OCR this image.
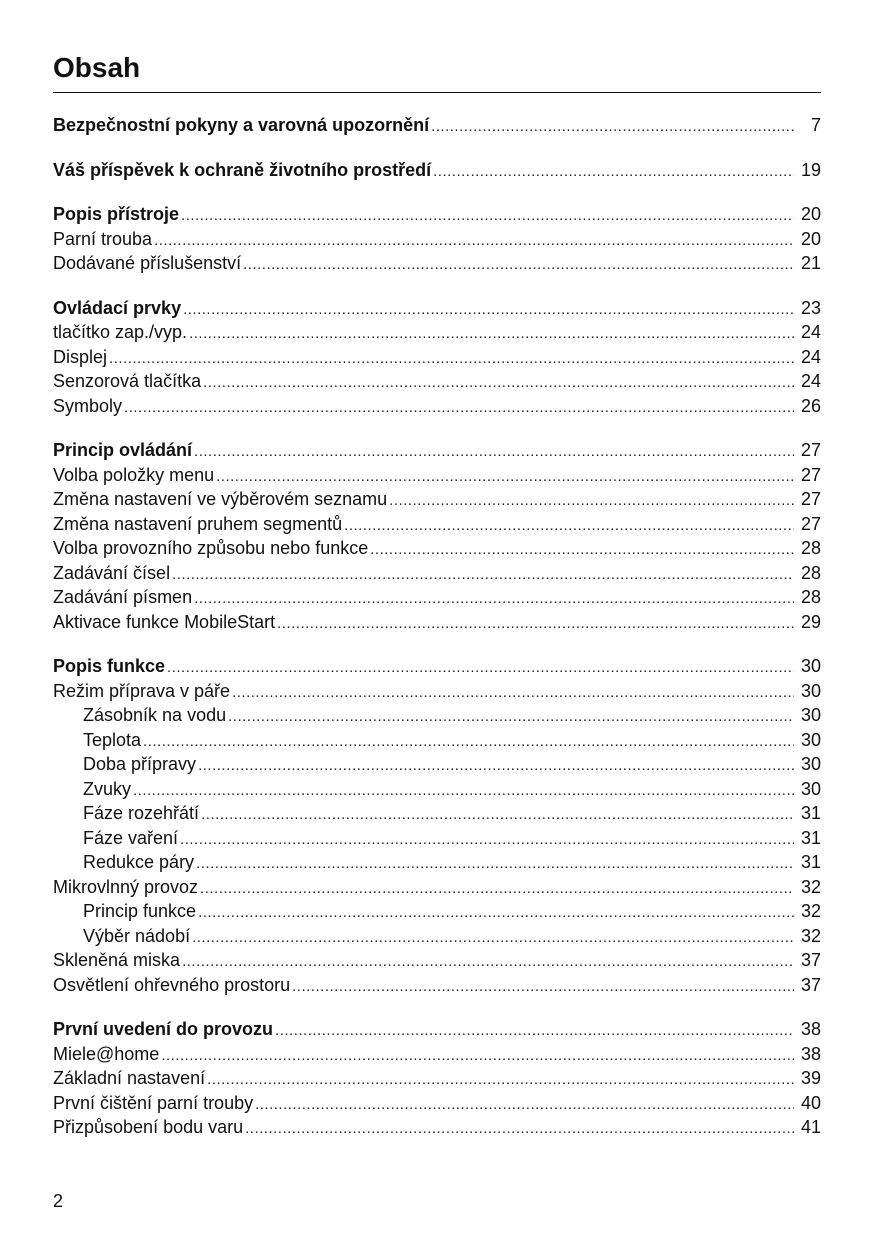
Obsah
Bezpečnostní pokyny a varovná upozornění .....	7
Váš příspěvek k ochraně životního prostředí .....	19
Popis přístroje .....	20
Parní trouba .....	20
Dodávané příslušenství .....	21
Ovládací prvky .....	23
tlačítko zap./vyp. .....	24
Displej .....	24
Senzorová tlačítka .....	24
Symboly .....	26
Princip ovládání .....	27
Volba položky menu .....	27
Změna nastavení ve výběrovém seznamu .....	27
Změna nastavení pruhem segmentů .....	27
Volba provozního způsobu nebo funkce .....	28
Zadávání čísel .....	28
Zadávání písmen .....	28
Aktivace funkce MobileStart .....	29
Popis funkce .....	30
Režim příprava v páře .....	30
Zásobník na vodu .....	30
Teplota .....	30
Doba přípravy .....	30
Zvuky .....	30
Fáze rozehřátí .....	31
Fáze vaření .....	31
Redukce páry .....	31
Mikrovlnný provoz .....	32
Princip funkce .....	32
Výběr nádobí .....	32
Skleněná miska .....	37
Osvětlení ohřevného prostoru .....	37
První uvedení do provozu .....	38
Miele@home .....	38
Základní nastavení .....	39
První čištění parní trouby .....	40
Přizpůsobení bodu varu .....	41
2
